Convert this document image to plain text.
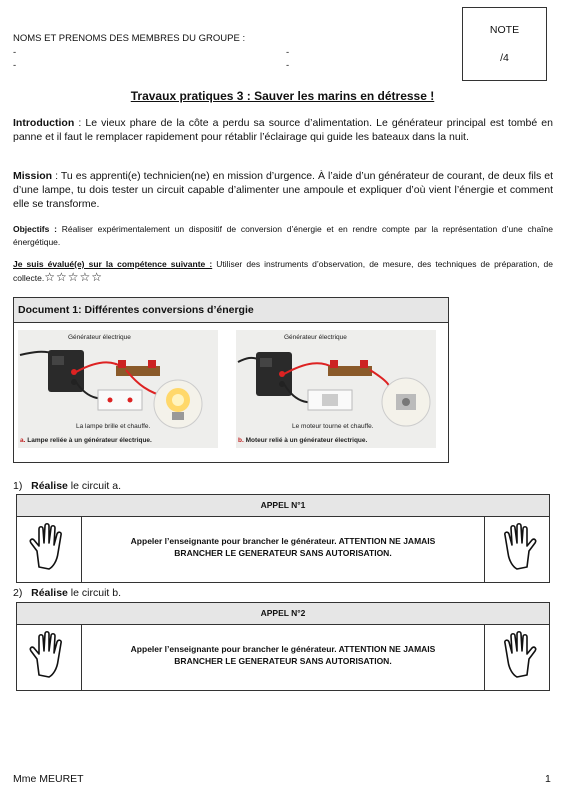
NOMS ET PRENOMS DES MEMBRES DU GROUPE :
-	-
-	-
NOTE
/4
Travaux pratiques 3 : Sauver les marins en détresse !
Introduction : Le vieux phare de la côte a perdu sa source d’alimentation. Le générateur principal est tombé en panne et il faut le remplacer rapidement pour rétablir l’éclairage qui guide les bateaux dans la nuit.
Mission : Tu es apprenti(e) technicien(ne) en mission d’urgence. À l’aide d’un générateur de courant, de deux fils et d’une lampe, tu dois tester un circuit capable d’alimenter une ampoule et expliquer d’où vient l’énergie et comment elle se transforme.
Objectifs : Réaliser expérimentalement un dispositif de conversion d’énergie et en rendre compte par la représentation d’une chaîne énergétique.
Je suis évalué(e) sur la compétence suivante : Utiliser des instruments d’observation, de mesure, des techniques de préparation, de collecte.☆☆☆☆☆
Document 1: Différentes conversions d’énergie
Générateur électrique
La lampe brille et chauffe.
a. Lampe reliée à un générateur électrique.
Générateur électrique
Le moteur tourne et chauffe.
b. Moteur relié à un générateur électrique.
1) Réalise le circuit a.
APPEL N°1
Appeler l’enseignante pour brancher le générateur. ATTENTION NE JAMAIS
BRANCHER LE GENERATEUR SANS AUTORISATION.
2) Réalise le circuit b.
APPEL N°2
Appeler l’enseignante pour brancher le générateur. ATTENTION NE JAMAIS
BRANCHER LE GENERATEUR SANS AUTORISATION.
Mme MEURET	1
